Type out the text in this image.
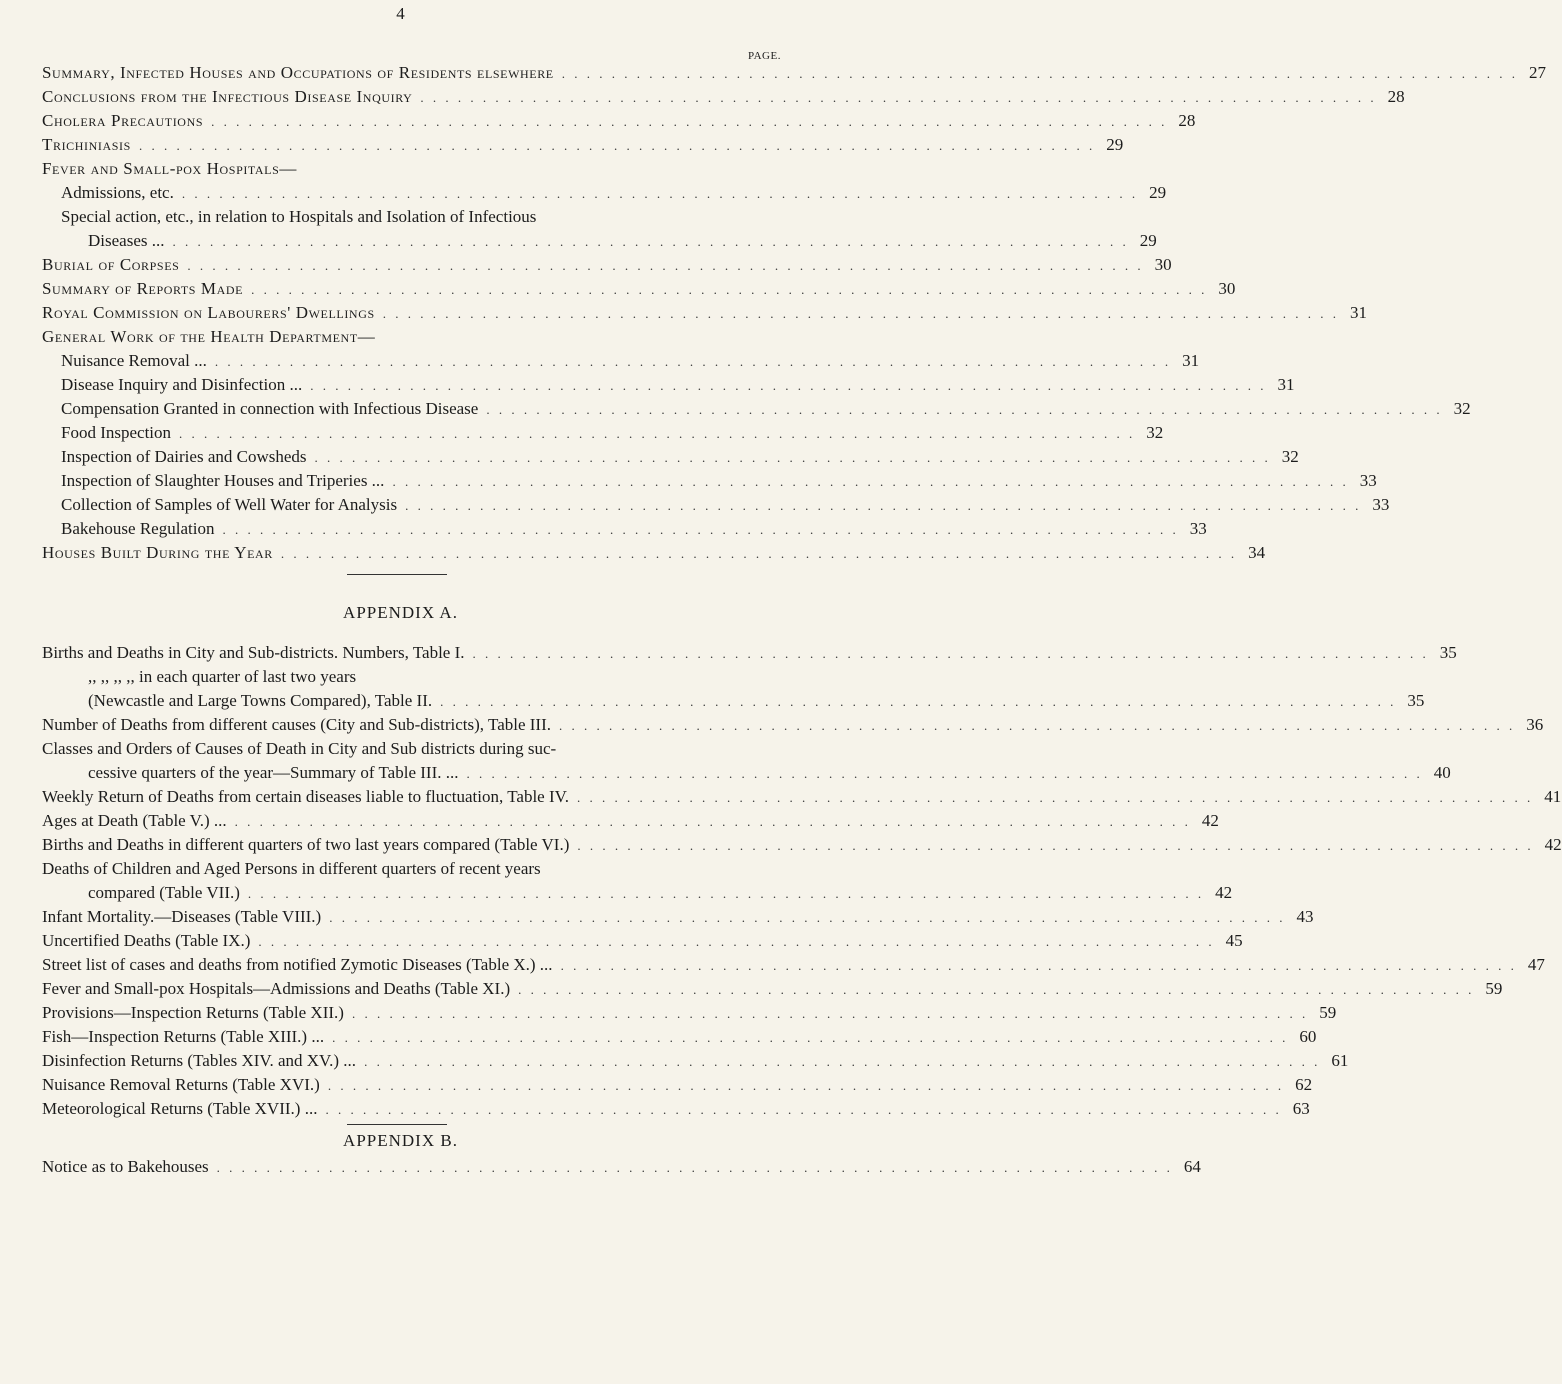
4
PAGE.
Summary, Infected Houses and Occupations of Residents elsewhere . . . . . . . . . . . . . . . . . . . . . . . . . . . . . . . . . . . . . . . . . . . . . . . . . . . . . . . . . . . . . . . . . . . . . . . . . . . . . 27
Conclusions from the Infectious Disease Inquiry . . . . . . . . . . . . . . . . . . . . . . . . . . . . . . . . . . . . . . . . . . . . . . . . . . . . . . . . . . . . . . . . . . . . . . . . . . . . . 28
Cholera Precautions . . . . . . . . . . . . . . . . . . . . . . . . . . . . . . . . . . . . . . . . . . . . . . . . . . . . . . . . . . . . . . . . . . . . . . . . . . . . . 28
Trichiniasis . . . . . . . . . . . . . . . . . . . . . . . . . . . . . . . . . . . . . . . . . . . . . . . . . . . . . . . . . . . . . . . . . . . . . . . . . . . . . 29
Fever and Small-pox Hospitals—
Admissions, etc. . . . . . . . . . . . . . . . . . . . . . . . . . . . . . . . . . . . . . . . . . . . . . . . . . . . . . . . . . . . . . . . . . . . . . . . . . . . . . 29
Special action, etc., in relation to Hospitals and Isolation of Infectious
Diseases ... . . . . . . . . . . . . . . . . . . . . . . . . . . . . . . . . . . . . . . . . . . . . . . . . . . . . . . . . . . . . . . . . . . . . . . . . . . . . . 29
Burial of Corpses . . . . . . . . . . . . . . . . . . . . . . . . . . . . . . . . . . . . . . . . . . . . . . . . . . . . . . . . . . . . . . . . . . . . . . . . . . . . . 30
Summary of Reports Made . . . . . . . . . . . . . . . . . . . . . . . . . . . . . . . . . . . . . . . . . . . . . . . . . . . . . . . . . . . . . . . . . . . . . . . . . . . . . 30
Royal Commission on Labourers' Dwellings . . . . . . . . . . . . . . . . . . . . . . . . . . . . . . . . . . . . . . . . . . . . . . . . . . . . . . . . . . . . . . . . . . . . . . . . . . . . . 31
General Work of the Health Department—
Nuisance Removal ... . . . . . . . . . . . . . . . . . . . . . . . . . . . . . . . . . . . . . . . . . . . . . . . . . . . . . . . . . . . . . . . . . . . . . . . . . . . . . 31
Disease Inquiry and Disinfection ... . . . . . . . . . . . . . . . . . . . . . . . . . . . . . . . . . . . . . . . . . . . . . . . . . . . . . . . . . . . . . . . . . . . . . . . . . . . . . 31
Compensation Granted in connection with Infectious Disease . . . . . . . . . . . . . . . . . . . . . . . . . . . . . . . . . . . . . . . . . . . . . . . . . . . . . . . . . . . . . . . . . . . . . . . . . . . . . 32
Food Inspection . . . . . . . . . . . . . . . . . . . . . . . . . . . . . . . . . . . . . . . . . . . . . . . . . . . . . . . . . . . . . . . . . . . . . . . . . . . . . 32
Inspection of Dairies and Cowsheds . . . . . . . . . . . . . . . . . . . . . . . . . . . . . . . . . . . . . . . . . . . . . . . . . . . . . . . . . . . . . . . . . . . . . . . . . . . . . 32
Inspection of Slaughter Houses and Triperies ... . . . . . . . . . . . . . . . . . . . . . . . . . . . . . . . . . . . . . . . . . . . . . . . . . . . . . . . . . . . . . . . . . . . . . . . . . . . . . 33
Collection of Samples of Well Water for Analysis . . . . . . . . . . . . . . . . . . . . . . . . . . . . . . . . . . . . . . . . . . . . . . . . . . . . . . . . . . . . . . . . . . . . . . . . . . . . . 33
Bakehouse Regulation . . . . . . . . . . . . . . . . . . . . . . . . . . . . . . . . . . . . . . . . . . . . . . . . . . . . . . . . . . . . . . . . . . . . . . . . . . . . . 33
Houses Built During the Year . . . . . . . . . . . . . . . . . . . . . . . . . . . . . . . . . . . . . . . . . . . . . . . . . . . . . . . . . . . . . . . . . . . . . . . . . . . . . 34
Births and Deaths in City and Sub-districts. Numbers, Table I. . . . . . . . . . . . . . . . . . . . . . . . . . . . . . . . . . . . . . . . . . . . . . . . . . . . . . . . . . . . . . . . . . . . . . . . . . . . . . 35
,, ,, ,, ,, in each quarter of last two years
(Newcastle and Large Towns Compared), Table II. . . . . . . . . . . . . . . . . . . . . . . . . . . . . . . . . . . . . . . . . . . . . . . . . . . . . . . . . . . . . . . . . . . . . . . . . . . . . . 35
Number of Deaths from different causes (City and Sub-districts), Table III. . . . . . . . . . . . . . . . . . . . . . . . . . . . . . . . . . . . . . . . . . . . . . . . . . . . . . . . . . . . . . . . . . . . . . . . . . . . . . 36
Classes and Orders of Causes of Death in City and Sub districts during suc-
cessive quarters of the year—Summary of Table III. ... . . . . . . . . . . . . . . . . . . . . . . . . . . . . . . . . . . . . . . . . . . . . . . . . . . . . . . . . . . . . . . . . . . . . . . . . . . . . . 40
Weekly Return of Deaths from certain diseases liable to fluctuation, Table IV. . . . . . . . . . . . . . . . . . . . . . . . . . . . . . . . . . . . . . . . . . . . . . . . . . . . . . . . . . . . . . . . . . . . . . . . . . . . . . 41
Ages at Death (Table V.) ... . . . . . . . . . . . . . . . . . . . . . . . . . . . . . . . . . . . . . . . . . . . . . . . . . . . . . . . . . . . . . . . . . . . . . . . . . . . . . 42
Births and Deaths in different quarters of two last years compared (Table VI.) . . . . . . . . . . . . . . . . . . . . . . . . . . . . . . . . . . . . . . . . . . . . . . . . . . . . . . . . . . . . . . . . . . . . . . . . . . . . . 42
Deaths of Children and Aged Persons in different quarters of recent years
compared (Table VII.) . . . . . . . . . . . . . . . . . . . . . . . . . . . . . . . . . . . . . . . . . . . . . . . . . . . . . . . . . . . . . . . . . . . . . . . . . . . . . 42
Infant Mortality.—Diseases (Table VIII.) . . . . . . . . . . . . . . . . . . . . . . . . . . . . . . . . . . . . . . . . . . . . . . . . . . . . . . . . . . . . . . . . . . . . . . . . . . . . . 43
Uncertified Deaths (Table IX.) . . . . . . . . . . . . . . . . . . . . . . . . . . . . . . . . . . . . . . . . . . . . . . . . . . . . . . . . . . . . . . . . . . . . . . . . . . . . . 45
Street list of cases and deaths from notified Zymotic Diseases (Table X.) ... . . . . . . . . . . . . . . . . . . . . . . . . . . . . . . . . . . . . . . . . . . . . . . . . . . . . . . . . . . . . . . . . . . . . . . . . . . . . . 47
Fever and Small-pox Hospitals—Admissions and Deaths (Table XI.) . . . . . . . . . . . . . . . . . . . . . . . . . . . . . . . . . . . . . . . . . . . . . . . . . . . . . . . . . . . . . . . . . . . . . . . . . . . . . 59
Provisions—Inspection Returns (Table XII.) . . . . . . . . . . . . . . . . . . . . . . . . . . . . . . . . . . . . . . . . . . . . . . . . . . . . . . . . . . . . . . . . . . . . . . . . . . . . . 59
Fish—Inspection Returns (Table XIII.) ... . . . . . . . . . . . . . . . . . . . . . . . . . . . . . . . . . . . . . . . . . . . . . . . . . . . . . . . . . . . . . . . . . . . . . . . . . . . . . 60
Disinfection Returns (Tables XIV. and XV.) ... . . . . . . . . . . . . . . . . . . . . . . . . . . . . . . . . . . . . . . . . . . . . . . . . . . . . . . . . . . . . . . . . . . . . . . . . . . . . . 61
Nuisance Removal Returns (Table XVI.) . . . . . . . . . . . . . . . . . . . . . . . . . . . . . . . . . . . . . . . . . . . . . . . . . . . . . . . . . . . . . . . . . . . . . . . . . . . . . 62
Meteorological Returns (Table XVII.) ... . . . . . . . . . . . . . . . . . . . . . . . . . . . . . . . . . . . . . . . . . . . . . . . . . . . . . . . . . . . . . . . . . . . . . . . . . . . . . 63
Notice as to Bakehouses . . . . . . . . . . . . . . . . . . . . . . . . . . . . . . . . . . . . . . . . . . . . . . . . . . . . . . . . . . . . . . . . . . . . . . . . . . . . . 64
APPENDIX A.
APPENDIX B.
